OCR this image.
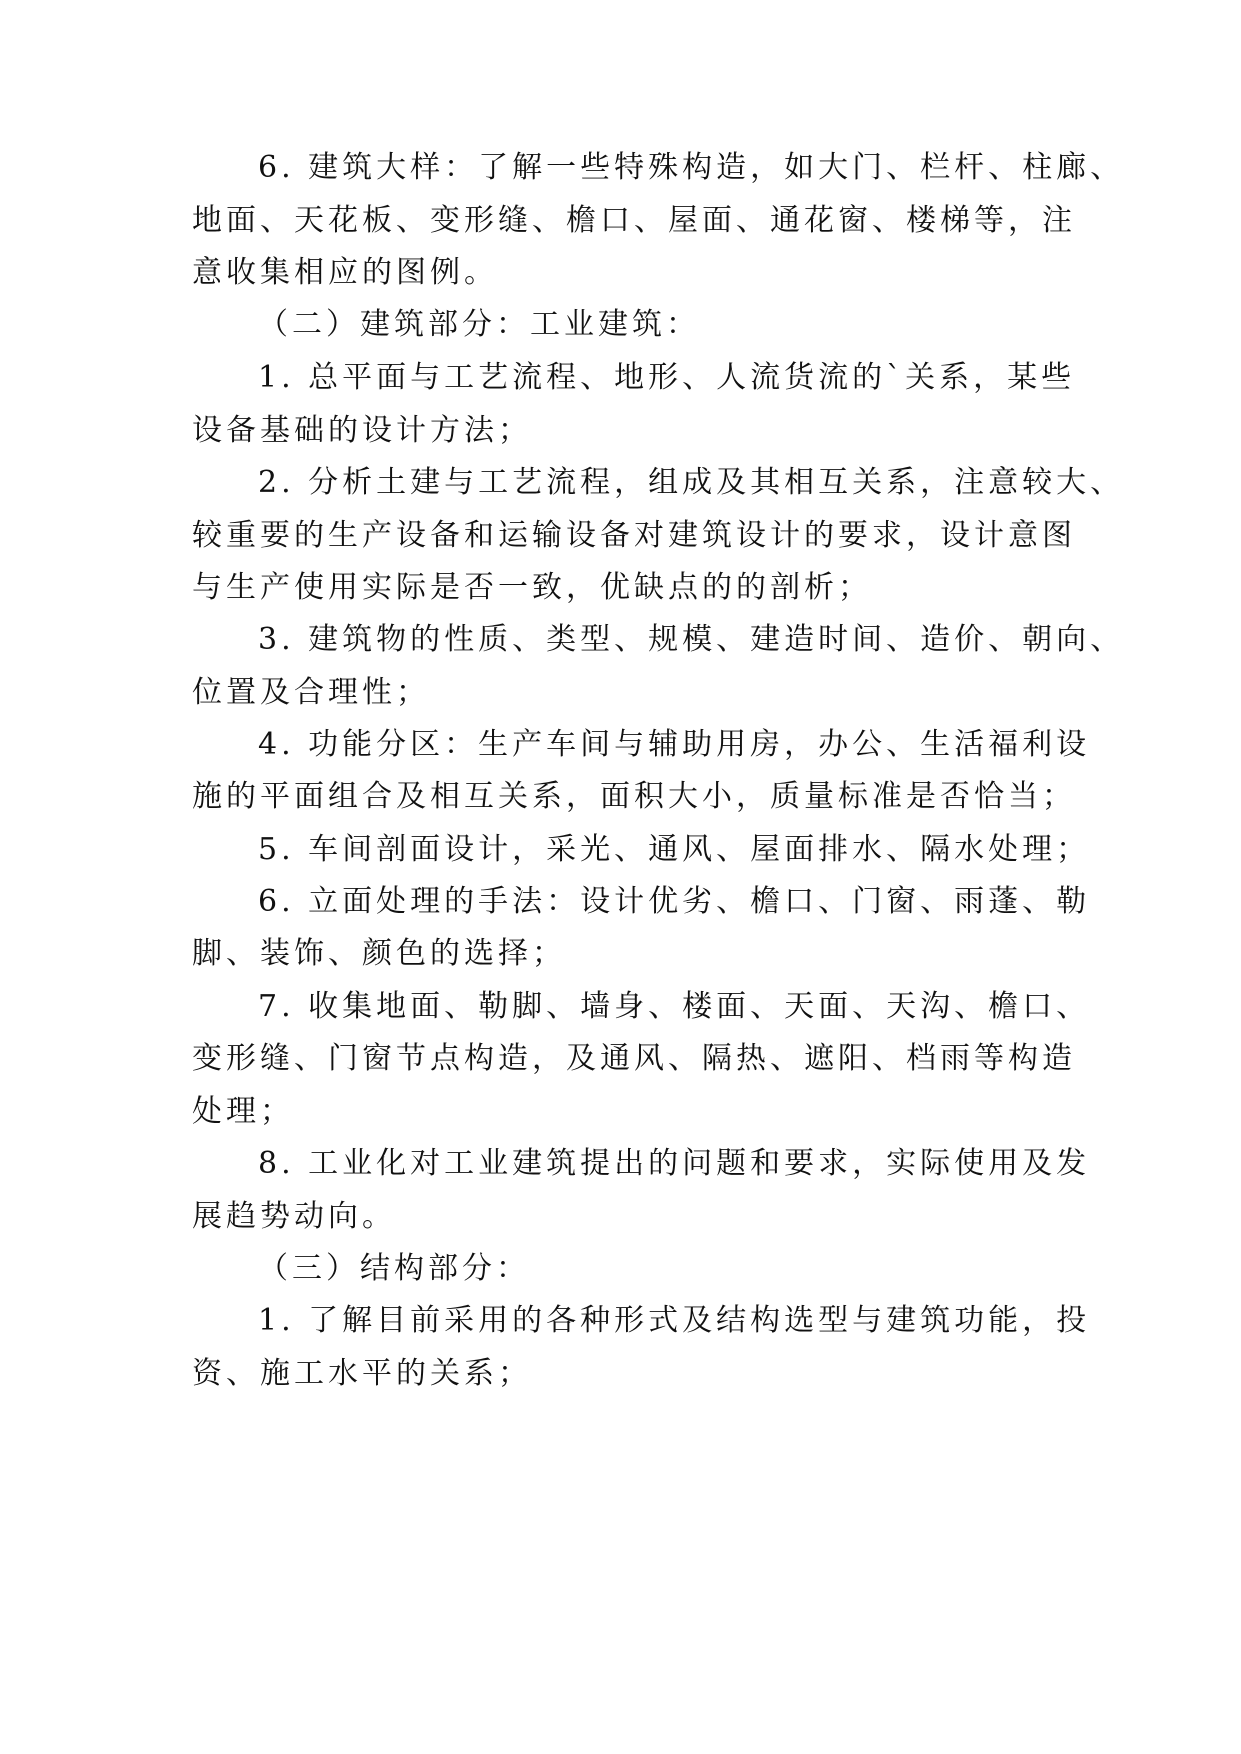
6. 建筑大样：了解一些特殊构造，如大门、栏杆、柱廊、
地面、天花板、变形缝、檐口、屋面、通花窗、楼梯等，注
意收集相应的图例。
（二）建筑部分：工业建筑：
1. 总平面与工艺流程、地形、人流货流的`关系，某些
设备基础的设计方法；
2. 分析土建与工艺流程，组成及其相互关系，注意较大、
较重要的生产设备和运输设备对建筑设计的要求，设计意图
与生产使用实际是否一致，优缺点的的剖析；
3. 建筑物的性质、类型、规模、建造时间、造价、朝向、
位置及合理性；
4. 功能分区：生产车间与辅助用房，办公、生活福利设
施的平面组合及相互关系，面积大小，质量标准是否恰当；
5. 车间剖面设计，采光、通风、屋面排水、隔水处理；
6. 立面处理的手法：设计优劣、檐口、门窗、雨蓬、勒
脚、装饰、颜色的选择；
7. 收集地面、勒脚、墙身、楼面、天面、天沟、檐口、
变形缝、门窗节点构造，及通风、隔热、遮阳、档雨等构造
处理；
8. 工业化对工业建筑提出的问题和要求，实际使用及发
展趋势动向。
（三）结构部分：
1. 了解目前采用的各种形式及结构选型与建筑功能，投
资、施工水平的关系；
